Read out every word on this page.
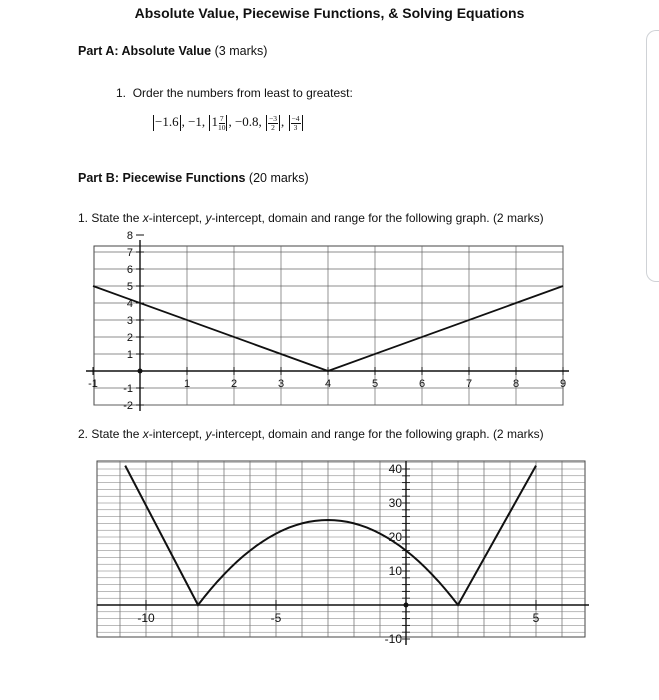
Absolute Value, Piecewise Functions, & Solving Equations
Part A: Absolute Value (3 marks)
1. Order the numbers from least to greatest:
−1.6 , −1, $1 \frac{7}{10}$ , −0.8, $\frac{-3}{2}$ , $\frac{-4}{3}$
Part B: Piecewise Functions (20 marks)
1. State the x-intercept, y-intercept, domain and range for the following graph. (2 marks)
-1	1	2	3	4	5	6	7	8	9
8
7
6
5
4
3
2
1
-1
-2
-10	-5	5
40
30
20
10
-10
2. State the x-intercept, y-intercept, domain and range for the following graph. (2 marks)
